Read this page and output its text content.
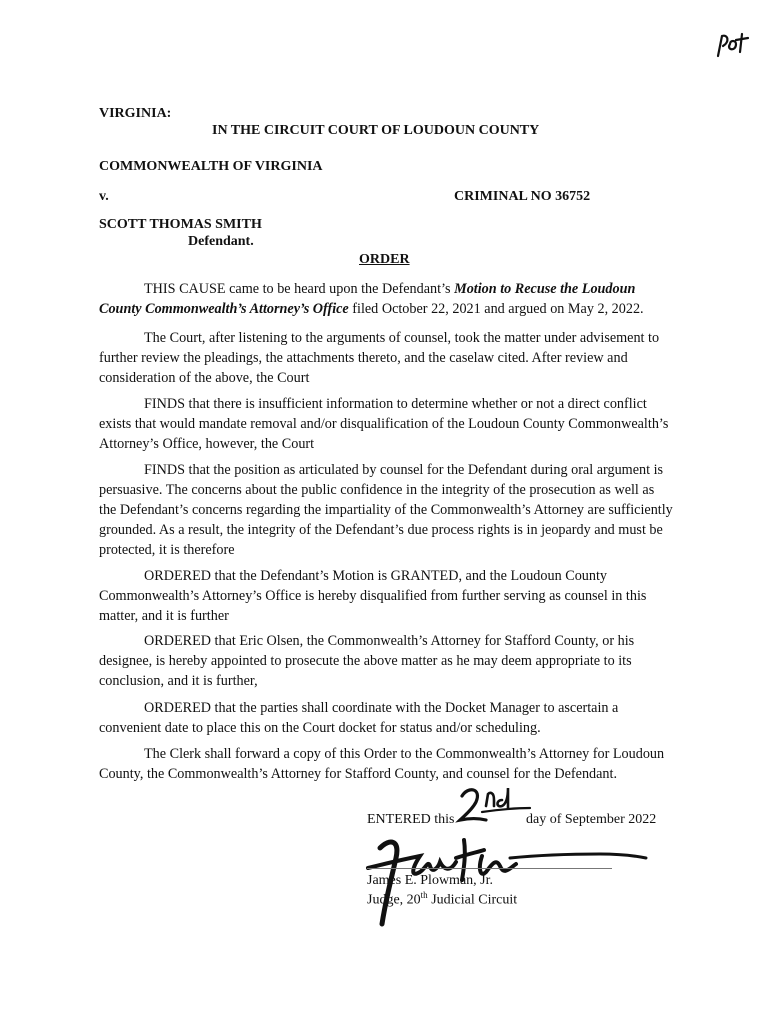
VIRGINIA:
IN THE CIRCUIT COURT OF LOUDOUN COUNTY
COMMONWEALTH OF VIRGINIA
v.	CRIMINAL NO 36752
SCOTT THOMAS SMITH
Defendant.
ORDER
THIS CAUSE came to be heard upon the Defendant’s Motion to Recuse the Loudoun County Commonwealth’s Attorney’s Office filed October 22, 2021 and argued on May 2, 2022.
The Court, after listening to the arguments of counsel, took the matter under advisement to further review the pleadings, the attachments thereto, and the caselaw cited. After review and consideration of the above, the Court
FINDS that there is insufficient information to determine whether or not a direct conflict exists that would mandate removal and/or disqualification of the Loudoun County Commonwealth’s Attorney’s Office, however, the Court
FINDS that the position as articulated by counsel for the Defendant during oral argument is persuasive. The concerns about the public confidence in the integrity of the prosecution as well as the Defendant’s concerns regarding the impartiality of the Commonwealth’s Attorney are sufficiently grounded. As a result, the integrity of the Defendant’s due process rights is in jeopardy and must be protected, it is therefore
ORDERED that the Defendant’s Motion is GRANTED, and the Loudoun County Commonwealth’s Attorney’s Office is hereby disqualified from further serving as counsel in this matter, and it is further
ORDERED that Eric Olsen, the Commonwealth’s Attorney for Stafford County, or his designee, is hereby appointed to prosecute the above matter as he may deem appropriate to its conclusion, and it is further,
ORDERED that the parties shall coordinate with the Docket Manager to ascertain a convenient date to place this on the Court docket for status and/or scheduling.
The Clerk shall forward a copy of this Order to the Commonwealth’s Attorney for Loudoun County, the Commonwealth’s Attorney for Stafford County, and counsel for the Defendant.
ENTERED this	day of September 2022
James E. Plowman, Jr.
Judge, 20th Judicial Circuit
